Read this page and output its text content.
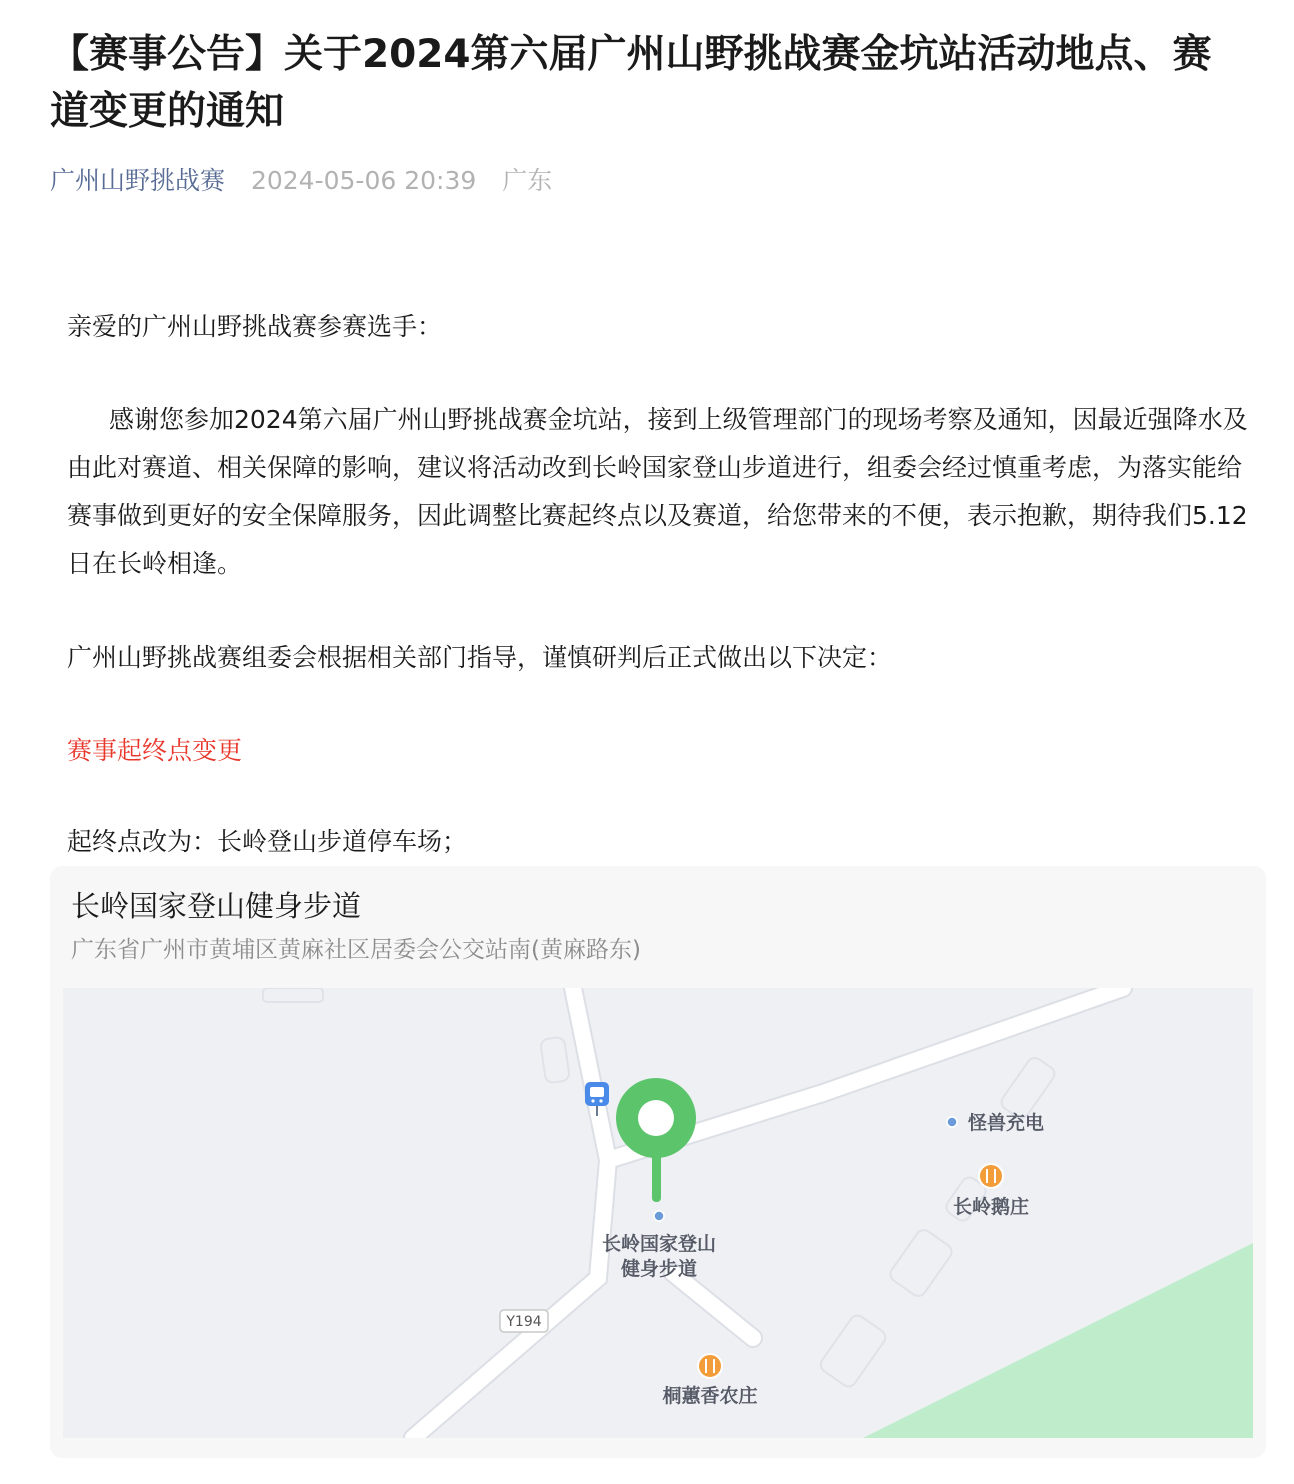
【赛事公告】关于2024第六届广州山野挑战赛金坑站活动地点、赛道变更的通知
广州山野挑战赛 2024-05-06 20:39 广东

亲爱的广州山野挑战赛参赛选手：

感谢您参加2024第六届广州山野挑战赛金坑站，接到上级管理部门的现场考察及通知，因最近强降水及由此对赛道、相关保障的影响，建议将活动改到长岭国家登山步道进行，组委会经过慎重考虑，为落实能给赛事做到更好的安全保障服务，因此调整比赛起终点以及赛道，给您带来的不便，表示抱歉，期待我们5.12日在长岭相逢。

广州山野挑战赛组委会根据相关部门指导，谨慎研判后正式做出以下决定：

赛事起终点变更

起终点改为：长岭登山步道停车场；

长岭国家登山健身步道
广东省广州市黄埔区黄麻社区居委会公交站南(黄麻路东)
Y194
长岭国家登山
健身步道
怪兽充电
长岭鹅庄
桐蕙香农庄
